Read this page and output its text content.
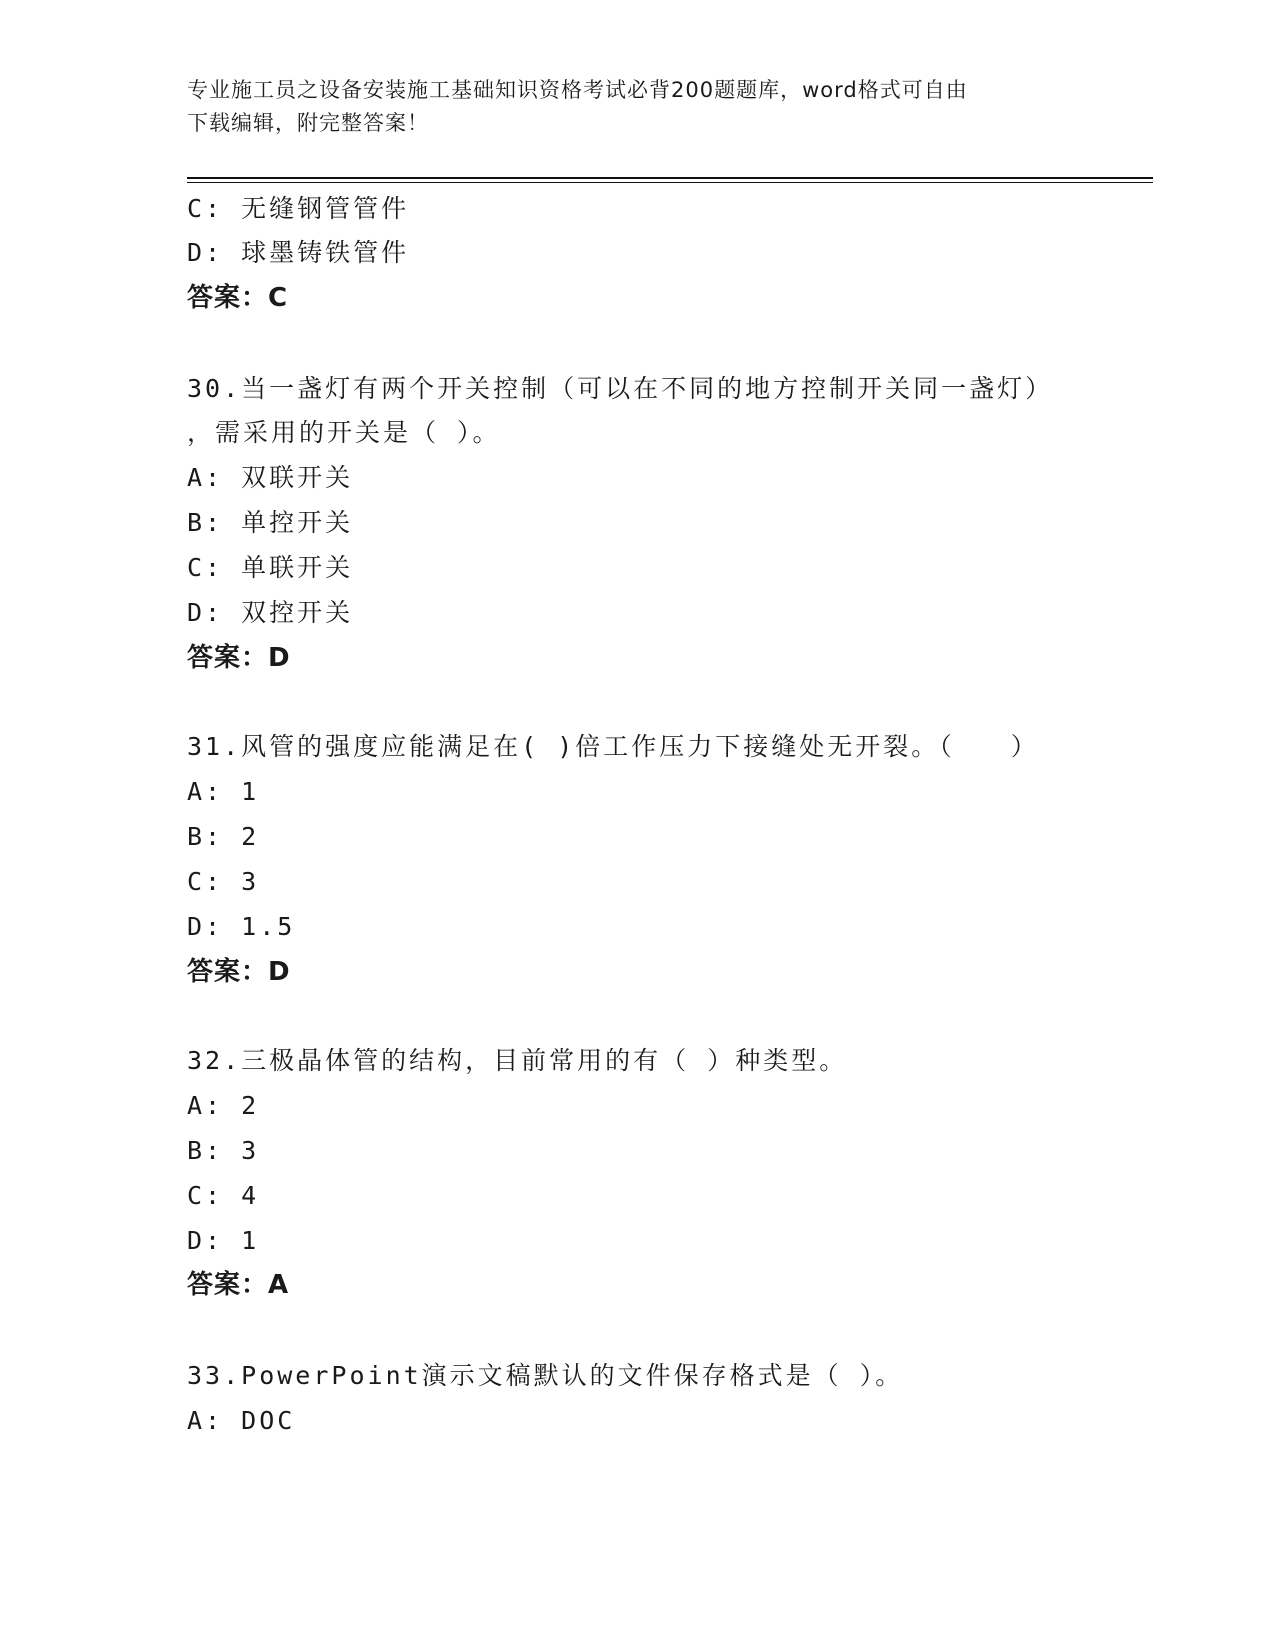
专业施工员之设备安装施工基础知识资格考试必背200题题库，word格式可自由
下载编辑，附完整答案！
C: 无缝钢管管件
D: 球墨铸铁管件
答案：C
30.当一盏灯有两个开关控制（可以在不同的地方控制开关同一盏灯）
，需采用的开关是（ ）。
A: 双联开关
B: 单控开关
C: 单联开关
D: 双控开关
答案：D
31.风管的强度应能满足在( )倍工作压力下接缝处无开裂。（　　）
A: 1
B: 2
C: 3
D: 1.5
答案：D
32.三极晶体管的结构，目前常用的有（ ）种类型。
A: 2
B: 3
C: 4
D: 1
答案：A
33.PowerPoint演示文稿默认的文件保存格式是（ ）。
A: DOC
